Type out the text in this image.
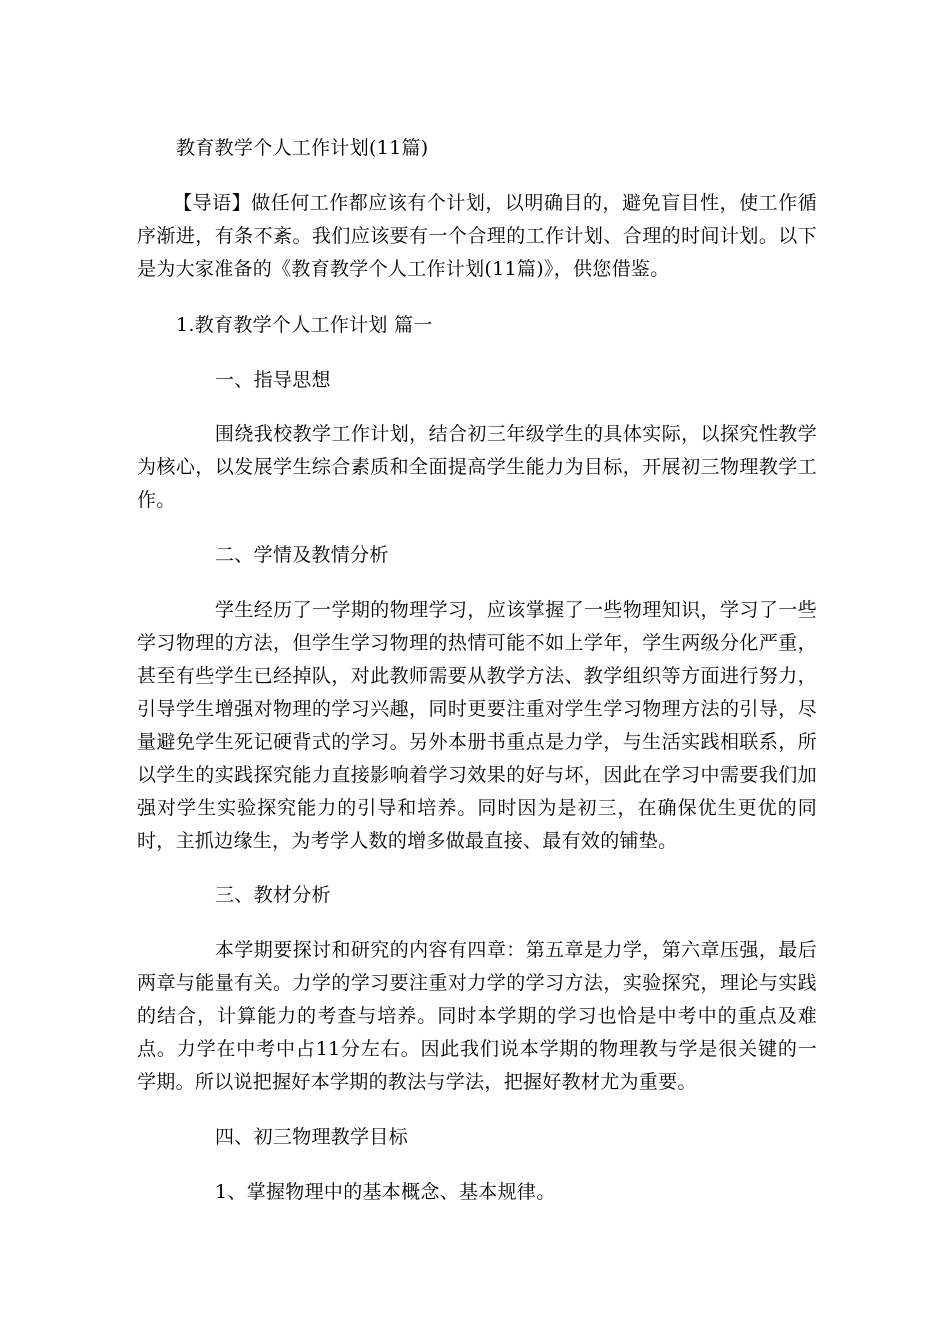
教育教学个人工作计划(11篇)
【导语】做任何工作都应该有个计划，以明确目的，避免盲目性，使工作循序渐进，有条不紊。我们应该要有一个合理的工作计划、合理的时间计划。以下是为大家准备的《教育教学个人工作计划(11篇)》，供您借鉴。
1.教育教学个人工作计划 篇一
一、指导思想
围绕我校教学工作计划，结合初三年级学生的具体实际，以探究性教学为核心，以发展学生综合素质和全面提高学生能力为目标，开展初三物理教学工作。
二、学情及教情分析
学生经历了一学期的物理学习，应该掌握了一些物理知识，学习了一些学习物理的方法，但学生学习物理的热情可能不如上学年，学生两级分化严重，甚至有些学生已经掉队，对此教师需要从教学方法、教学组织等方面进行努力，引导学生增强对物理的学习兴趣，同时更要注重对学生学习物理方法的引导，尽量避免学生死记硬背式的学习。另外本册书重点是力学，与生活实践相联系，所以学生的实践探究能力直接影响着学习效果的好与坏，因此在学习中需要我们加强对学生实验探究能力的引导和培养。同时因为是初三，在确保优生更优的同时，主抓边缘生，为考学人数的增多做最直接、最有效的铺垫。
三、教材分析
本学期要探讨和研究的内容有四章：第五章是力学，第六章压强，最后两章与能量有关。力学的学习要注重对力学的学习方法，实验探究，理论与实践的结合，计算能力的考查与培养。同时本学期的学习也恰是中考中的重点及难点。力学在中考中占11分左右。因此我们说本学期的物理教与学是很关键的一学期。所以说把握好本学期的教法与学法，把握好教材尤为重要。
四、初三物理教学目标
1、掌握物理中的基本概念、基本规律。
